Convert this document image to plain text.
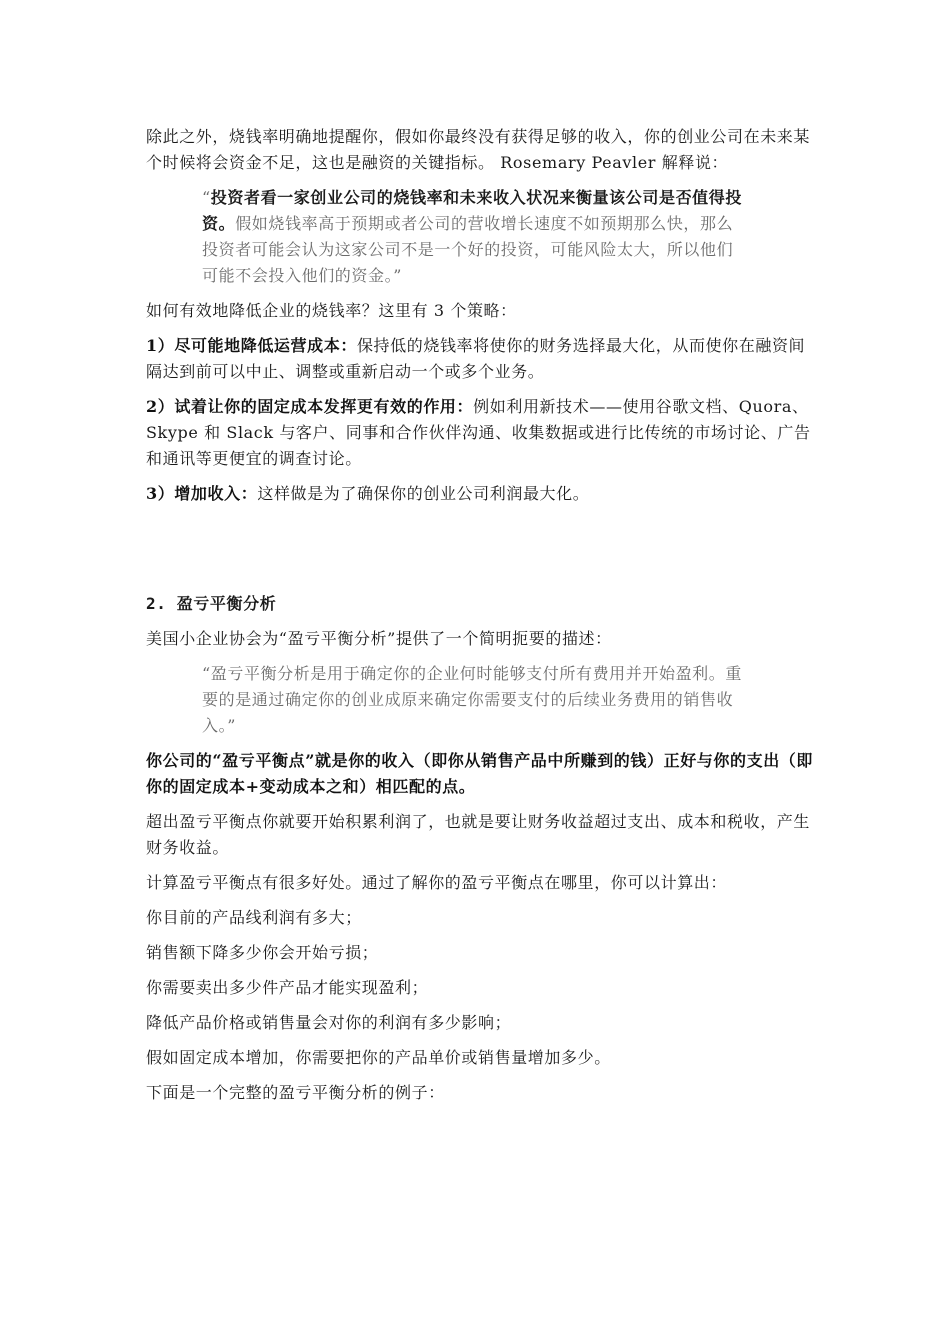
除此之外，烧钱率明确地提醒你，假如你最终没有获得足够的收入，你的创业公司在未来某个时候将会资金不足，这也是融资的关键指标。 Rosemary Peavler 解释说：

“投资者看一家创业公司的烧钱率和未来收入状况来衡量该公司是否值得投资。假如烧钱率高于预期或者公司的营收增长速度不如预期那么快，那么投资者可能会认为这家公司不是一个好的投资，可能风险太大，所以他们可能不会投入他们的资金。”

如何有效地降低企业的烧钱率？这里有 3 个策略：

1）尽可能地降低运营成本：保持低的烧钱率将使你的财务选择最大化，从而使你在融资间隔达到前可以中止、调整或重新启动一个或多个业务。

2）试着让你的固定成本发挥更有效的作用：例如利用新技术——使用谷歌文档、Quora、Skype 和 Slack 与客户、同事和合作伙伴沟通、收集数据或进行比传统的市场讨论、广告和通讯等更便宜的调查讨论。

3）增加收入：这样做是为了确保你的创业公司利润最大化。

2. 盈亏平衡分析

美国小企业协会为“盈亏平衡分析”提供了一个简明扼要的描述：

“盈亏平衡分析是用于确定你的企业何时能够支付所有费用并开始盈利。重要的是通过确定你的创业成原来确定你需要支付的后续业务费用的销售收入。”

你公司的“盈亏平衡点”就是你的收入（即你从销售产品中所赚到的钱）正好与你的支出（即你的固定成本+变动成本之和）相匹配的点。

超出盈亏平衡点你就要开始积累利润了，也就是要让财务收益超过支出、成本和税收，产生财务收益。

计算盈亏平衡点有很多好处。通过了解你的盈亏平衡点在哪里，你可以计算出：

你目前的产品线利润有多大；

销售额下降多少你会开始亏损；

你需要卖出多少件产品才能实现盈利；

降低产品价格或销售量会对你的利润有多少影响；

假如固定成本增加，你需要把你的产品单价或销售量增加多少。

下面是一个完整的盈亏平衡分析的例子：
